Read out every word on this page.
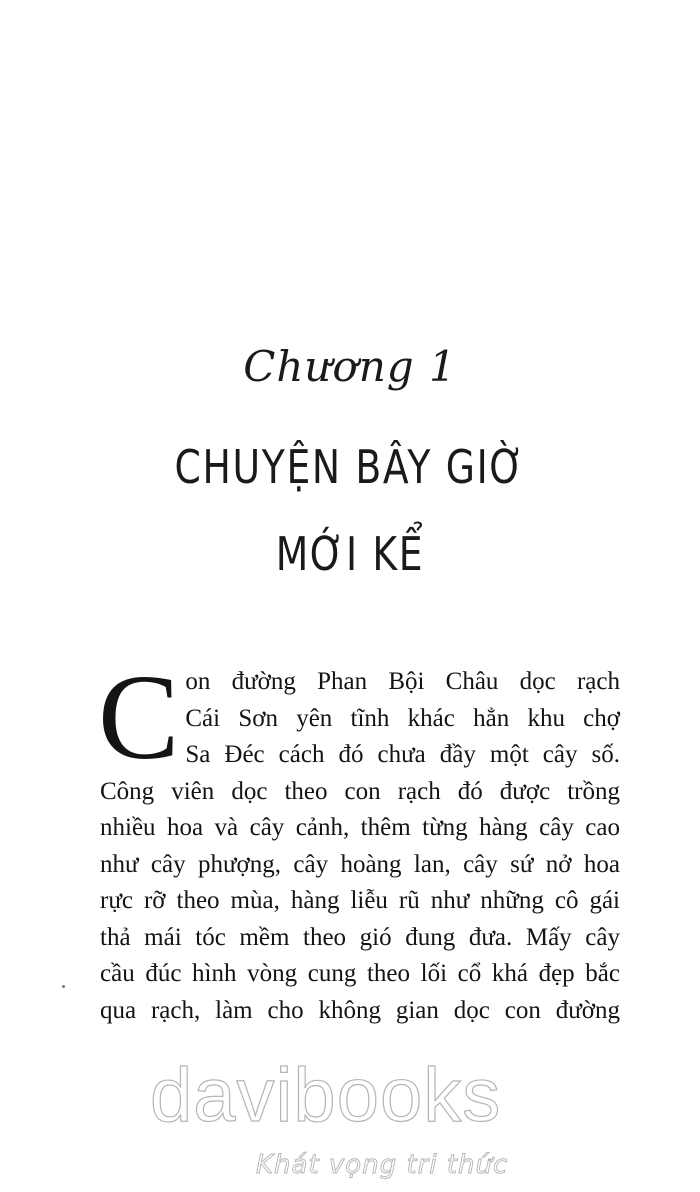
Chương 1
CHUYỆN BÂY GIỜ
MỚI KỂ
C on đường Phan Bội Châu dọc rạch
Cái Sơn yên tĩnh khác hẳn khu chợ
Sa Đéc cách đó chưa đầy một cây số.
Công viên dọc theo con rạch đó được trồng
nhiều hoa và cây cảnh, thêm từng hàng cây cao
như cây phượng, cây hoàng lan, cây sứ nở hoa
rực rỡ theo mùa, hàng liễu rũ như những cô gái
thả mái tóc mềm theo gió đung đưa. Mấy cây
cầu đúc hình vòng cung theo lối cổ khá đẹp bắc
qua rạch, làm cho không gian dọc con đường
davibooks
Khát vọng tri thức
